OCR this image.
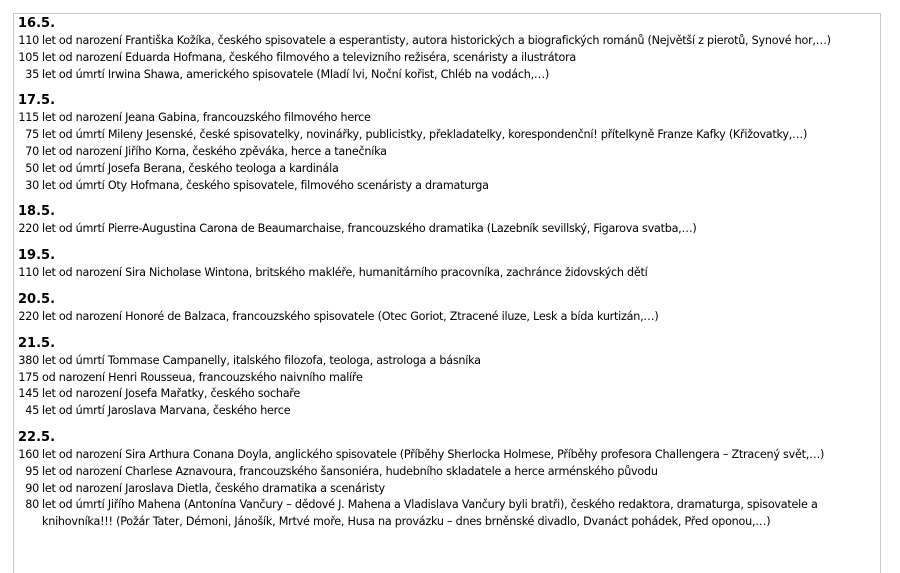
16.5.
110 let od narození Františka Kožíka, českého spisovatele a esperantisty, autora historických a biografických románů (Největší z pierotů, Synové hor,…)
105 let od narození Eduarda Hofmana, českého filmového a televizního režiséra, scenáristy a ilustrátora
35 let od úmrtí Irwina Shawa, amerického spisovatele (Mladí lvi, Noční kořist, Chléb na vodách,…)
17.5.
115 let od narození Jeana Gabina, francouzského filmového herce
75 let od úmrtí Mileny Jesenské, české spisovatelky, novinářky, publicistky, překladatelky, korespondenční! přítelkyně Franze Kafky (Křižovatky,…)
70 let od narození Jiřího Korna, českého zpěváka, herce a tanečníka
50 let od úmrtí Josefa Berana, českého teologa a kardinála
30 let od úmrtí Oty Hofmana, českého spisovatele, filmového scenáristy a dramaturga
18.5.
220 let od úmrtí Pierre-Augustina Carona de Beaumarchaise, francouzského dramatika (Lazebník sevillský, Figarova svatba,…)
19.5.
110 let od narození Sira Nicholase Wintona, britského makléře, humanitárního pracovníka, zachránce židovských dětí
20.5.
220 let od narození Honoré de Balzaca, francouzského spisovatele (Otec Goriot, Ztracené iluze, Lesk a bída kurtizán,…)
21.5.
380 let od úmrtí Tommase Campanelly, italského filozofa, teologa, astrologa a básníka
175 od narození Henri Rousseua, francouzského naivního malíře
145 let od narození Josefa Mařatky, českého sochaře
45 let od úmrtí Jaroslava Marvana, českého herce
22.5.
160 let od narození Sira Arthura Conana Doyla, anglického spisovatele (Příběhy Sherlocka Holmese, Příběhy profesora Challengera – Ztracený svět,…)
95 let od narození Charlese Aznavoura, francouzského šansoniéra, hudebního skladatele a herce arménského původu
90 let od narození Jaroslava Dietla, českého dramatika a scenáristy
80 let od úmrtí Jiřího Mahena (Antonína Vančury – dědové J. Mahena a Vladislava Vančury byli bratři), českého redaktora, dramaturga, spisovatele a knihovníka!!! (Požár Tater, Démoni, Jánošík, Mrtvé moře, Husa na provázku – dnes brněnské divadlo, Dvanáct pohádek, Před oponou,…)
